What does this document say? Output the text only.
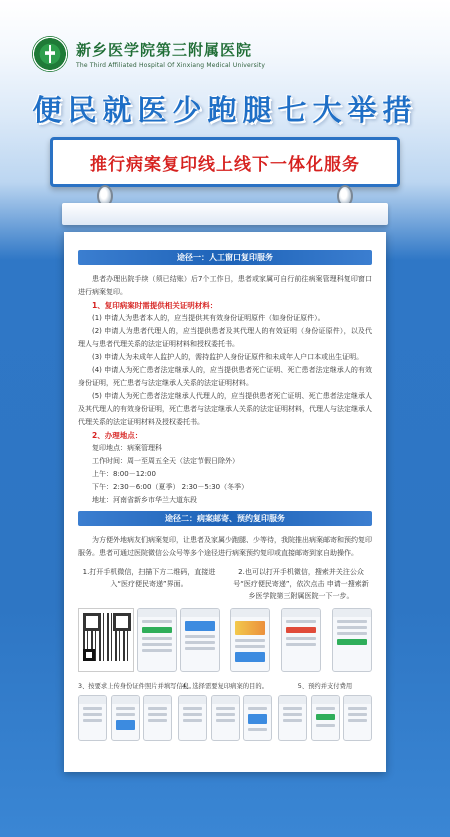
新乡医学院第三附属医院
The Third Affiliated Hospital Of Xinxiang Medical University
便民就医少跑腿七大举措
推行病案复印线上线下一体化服务
途径一：人工窗口复印服务
患者办理出院手续（须已结账）后7个工作日，患者或家属可自行前往病案管理科复印窗口进行病案复印。
1、复印病案时需提供相关证明材料：
(1) 申请人为患者本人的，应当提供其有效身份证明原件（如身份证原件）。
(2) 申请人为患者代理人的，应当提供患者及其代理人的有效证明（身份证原件），以及代理人与患者代理关系的法定证明材料和授权委托书。
(3) 申请人为未成年人监护人的，需持监护人身份证原件和未成年人户口本或出生证明。
(4) 申请人为死亡患者法定继承人的，应当提供患者死亡证明、死亡患者法定继承人的有效身份证明，死亡患者与法定继承人关系的法定证明材料。
(5) 申请人为死亡患者法定继承人代理人的，应当提供患者死亡证明、死亡患者法定继承人及其代理人的有效身份证明，死亡患者与法定继承人关系的法定证明材料，代理人与法定继承人代理关系的法定证明材料及授权委托书。
2、办理地点：
复印地点：病案管理科
工作时间：周一至周五全天（法定节假日除外）
上午：8:00－12:00
下午：2:30－6:00（夏季） 2:30－5:30（冬季）
地址：河南省新乡市华兰大道东段
途径二：病案邮寄、预约复印服务
为方便外地病友们病案复印，让患者及家属少跑腿、少等待，我院推出病案邮寄和预约复印服务。患者可通过医院微信公众号等多个途径进行病案预约复印或直接邮寄到家自助操作。
1.打开手机微信，扫描下方二维码，直接进入“医疗便民寄递”界面。
2.也可以打开手机微信，搜索并关注公众号“医疗便民寄递”，依次点击 申请一搜索新乡医学院第三附属医院一下一步。
3、按要求上传身份证件照片并填写信息。
4、选择需要复印病案的目的。	5、预约并支付费用
